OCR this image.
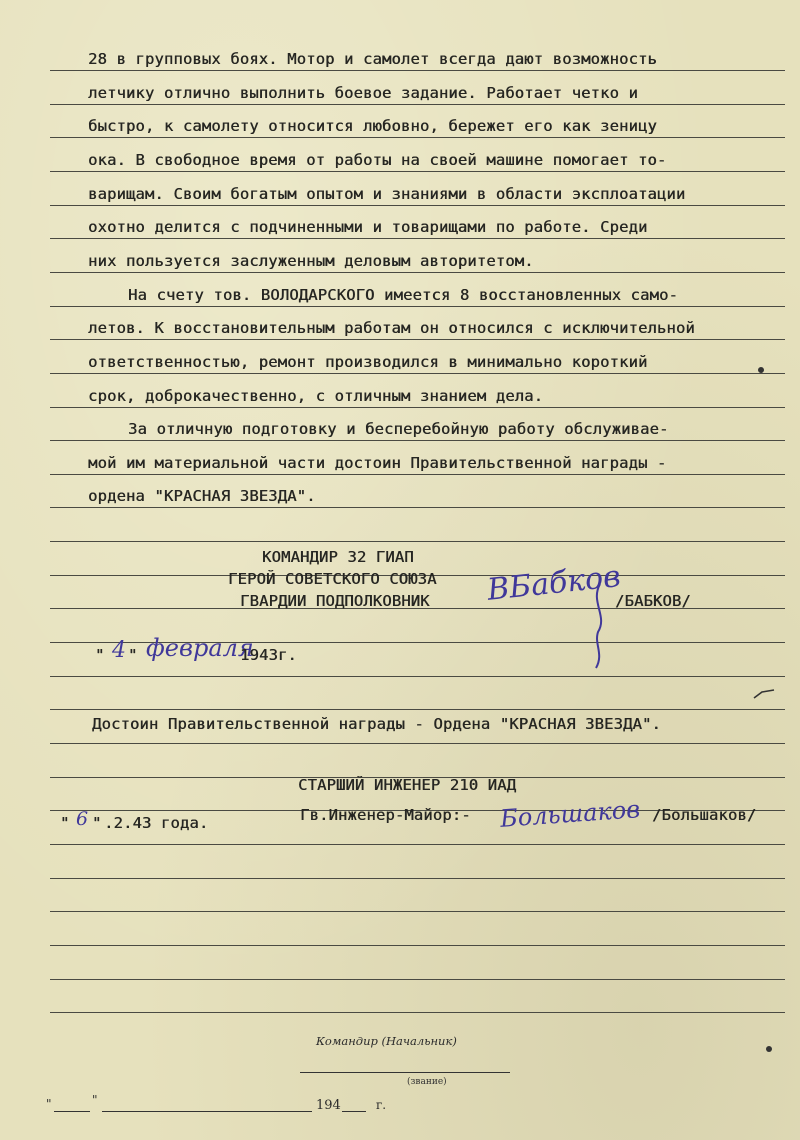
28 в групповых боях. Мотор и самолет всегда дают возможность
летчику отлично выполнить боевое задание. Работает четко и
быстро, к самолету относится любовно, бережет его как зеницу
ока. В свободное время от работы на своей машине помогает то-
варищам. Своим богатым опытом и знаниями в области эксплоатации
охотно делится с подчиненными и товарищами по работе. Среди
них пользуется заслуженным деловым авторитетом.
На счету тов. ВОЛОДАРСКОГО имеется 8 восстановленных само-
летов. К восстановительным работам он относился с исключительной
ответственностью, ремонт производился в минимально короткий
срок, доброкачественно, с отличным знанием дела.
За отличную подготовку и бесперебойную работу обслуживае-
мой им материальной части достоин Правительственной награды -
ордена "КРАСНАЯ ЗВЕЗДА".
КОМАНДИР 32 ГИАП
ГЕРОЙ СОВЕТСКОГО СОЮЗА
ГВАРДИИ ПОДПОЛКОВНИК ВБабков
/БАБКОВ/
" 4 " февраля
1943г.
Достоин Правительственной награды - Ордена "КРАСНАЯ ЗВЕЗДА".
СТАРШИЙ ИНЖЕНЕР 210 ИАД
Гв.Инженер-Майор:- Большаков /Большаков/
" 6 " .2.43 года.
Командир (Начальник)
(звание)
"	"	194	г.
